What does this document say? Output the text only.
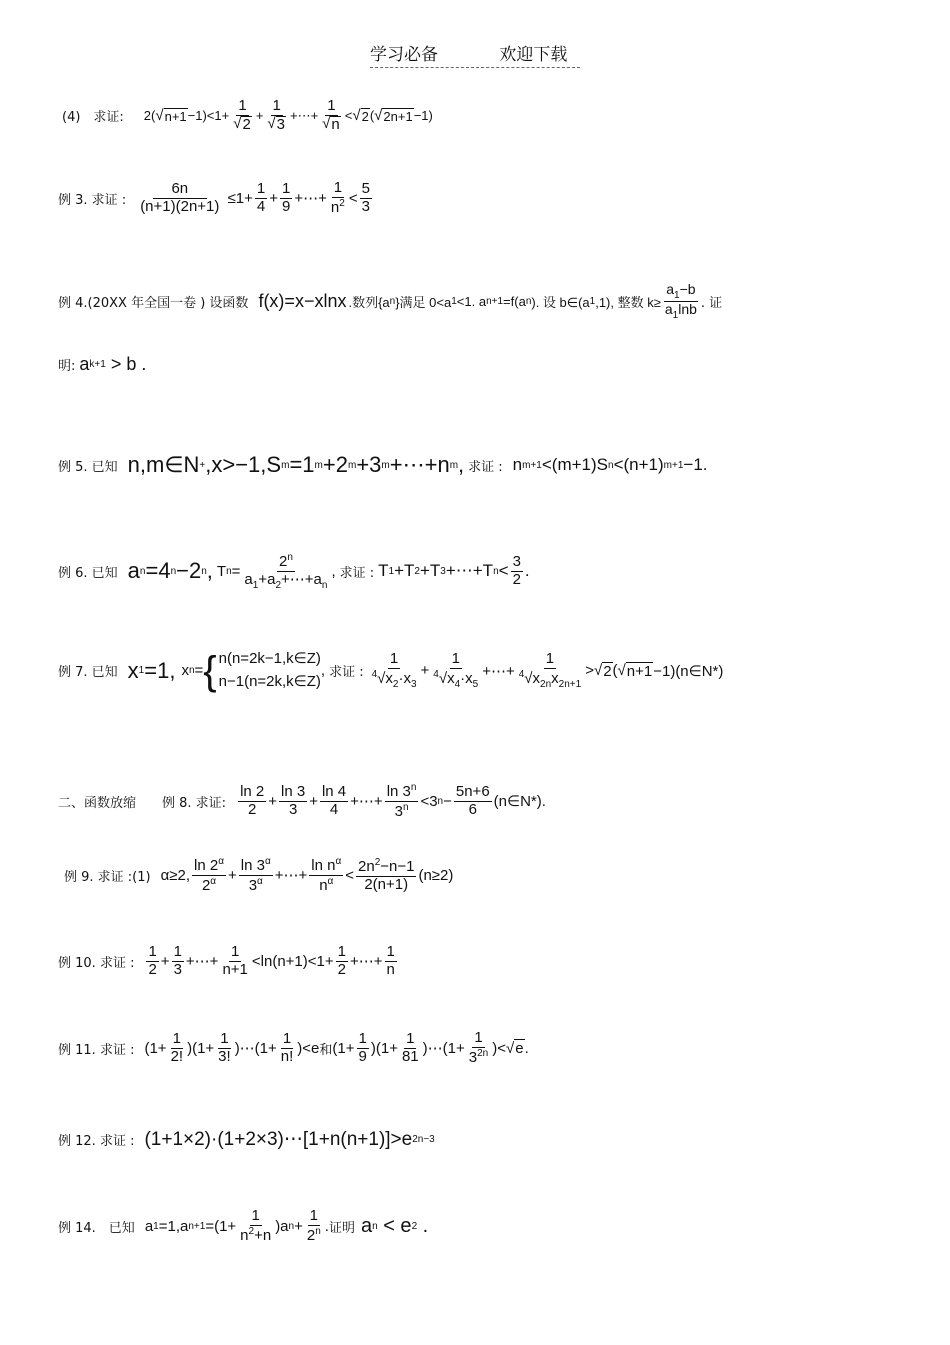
学习必备	欢迎下载
(4)　求证: 2( √ n+1 −1)<1+
1
√ 2 +
1
√ 3
+⋯+
1
√ n < √ 2 ( √ 2n+1 −1)
例 3. 求证 :
6n
(n+1)(2n+1) ≤1+
1
4 +
1
9 +⋯+
1
$n^2$ <
5
3
例 4.(20XX 年全国一卷 ) 设函数 f(x)=x−xlnx .数列{a n }满足 0<a 1 <1. a n+1 =f(a n ). 设 b∈(a 1 ,1), 整数 k≥
$a_1-b$
$a_1\ln b$ . 证
明: a k+1 > b .
例 5. 已知 n,m∈N + ,x>−1,S m =1 m +2 m +3 m +⋯+n m , 求证 : n m+1 <(m+1)S n <(n+1) m+1 −1.
例 6. 已知 a n =4 n −2 n , T n =
$2^n$
$a_1+a_2+\cdots+a_n$
, 求证 : T 1 +T 2 +T 3 +⋯+T n < 3
2 .
例 7. 已知 x 1 =1, x n = { n(n=2k−1,k∈Z)
n−1(n=2k,k∈Z)
, 求证 :
1
$^4√x_2\cdot x_3$
+
1
$^4√x_4\cdot x_5$
+⋯+
1
$^4√x_{2n}x_{2n+1}$
> √ 2 ( √ n+1 −1)(n∈N*)
二、函数放缩　　例 8. 求证:
ln 2
2 +
ln 3
3 +
ln 4
4 +⋯+
ln 3$^n$
$3^n <3$ n −
5n+6
6 (n∈N*).
例 9. 求证 :(1) α≥2,
$\ln 2^\alpha$
$2^\alpha$ +
$\ln 3^\alpha$
$3^\alpha$ +⋯+
$\ln n^\alpha$
$n^\alpha < 2n^2-n-1$
2(n+1)
(n≥2)
例 10. 求证 :
1
2 +
1
3 +⋯+
1
n+1 <ln(n+1)<1+
1
2 +⋯+
1
n
例 11. 求证 : (1+
1
2! )(1+
1
3! )⋯(1+
1
n! )<e 和 (1+
1
9 )(1+
1
81 )⋯(1+
1
$3^{2n}$ )< √ e .
例 12. 求证 : (1+1×2)·(1+2×3)⋯[1+n(n+1)]>e 2n−3
例 14.　已知 a 1 =1,a n+1 =(1+
1
$n^2+n$
)a n +
1
2$^n$ . 证明 a n < e 2 .
